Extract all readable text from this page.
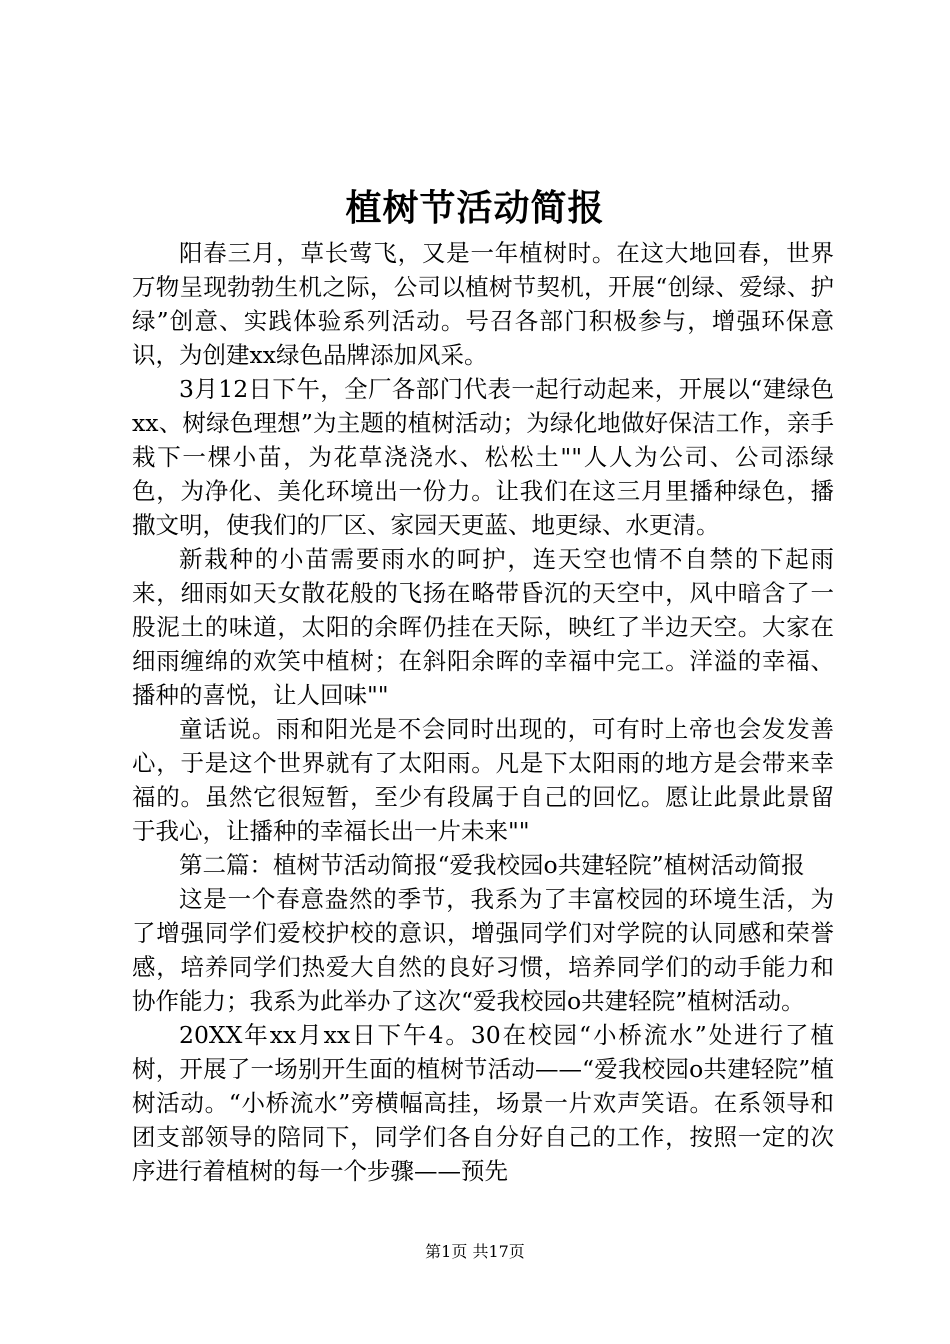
植树节活动简报

阳春三月，草长莺飞，又是一年植树时。在这大地回春，世界万物呈现勃勃生机之际，公司以植树节契机，开展“创绿、爱绿、护绿”创意、实践体验系列活动。号召各部门积极参与，增强环保意识，为创建xx绿色品牌添加风采。

3月12日下午，全厂各部门代表一起行动起来，开展以“建绿色xx、树绿色理想”为主题的植树活动；为绿化地做好保洁工作，亲手栽下一棵小苗，为花草浇浇水、松松土""人人为公司、公司添绿色，为净化、美化环境出一份力。让我们在这三月里播种绿色，播撒文明，使我们的厂区、家园天更蓝、地更绿、水更清。

新栽种的小苗需要雨水的呵护，连天空也情不自禁的下起雨来，细雨如天女散花般的飞扬在略带昏沉的天空中，风中暗含了一股泥土的味道，太阳的余晖仍挂在天际，映红了半边天空。大家在细雨缠绵的欢笑中植树；在斜阳余晖的幸福中完工。洋溢的幸福、播种的喜悦，让人回味""

童话说。雨和阳光是不会同时出现的，可有时上帝也会发发善心，于是这个世界就有了太阳雨。凡是下太阳雨的地方是会带来幸福的。虽然它很短暂，至少有段属于自己的回忆。愿让此景此景留于我心，让播种的幸福长出一片未来""

第二篇：植树节活动简报“爱我校园o共建轻院”植树活动简报

这是一个春意盎然的季节，我系为了丰富校园的环境生活，为了增强同学们爱校护校的意识，增强同学们对学院的认同感和荣誉感，培养同学们热爱大自然的良好习惯，培养同学们的动手能力和协作能力；我系为此举办了这次“爱我校园o共建轻院”植树活动。

20XX年xx月xx日下午4。30在校园“小桥流水”处进行了植树，开展了一场别开生面的植树节活动——“爱我校园o共建轻院”植树活动。“小桥流水”旁横幅高挂，场景一片欢声笑语。在系领导和团支部领导的陪同下，同学们各自分好自己的工作，按照一定的次序进行着植树的每一个步骤——预先

第1页 共17页
